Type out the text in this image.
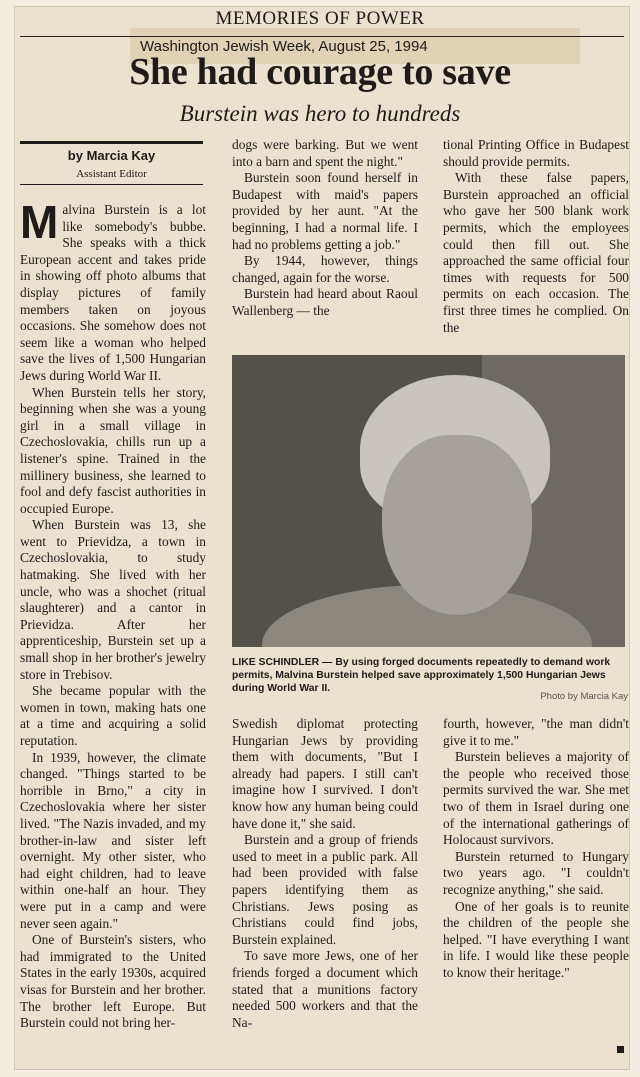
MEMORIES OF POWER
Washington Jewish Week, August 25, 1994
She had courage to save
Burstein was hero to hundreds
by Marcia Kay
Assistant Editor

Malvina Burstein is a lot like somebody's bubbe. She speaks with a thick European accent and takes pride in showing off photo albums that display pictures of family members taken on joyous occasions. She somehow does not seem like a woman who helped save the lives of 1,500 Hungarian Jews during World War II.

When Burstein tells her story, beginning when she was a young girl in a small village in Czechoslovakia, chills run up a listener's spine. Trained in the millinery business, she learned to fool and defy fascist authorities in occupied Europe.

When Burstein was 13, she went to Prievidza, a town in Czechoslovakia, to study hatmaking. She lived with her uncle, who was a shochet (ritual slaughterer) and a cantor in Prievidza. After her apprenticeship, Burstein set up a small shop in her brother's jewelry store in Trebisov.

She became popular with the women in town, making hats one at a time and acquiring a solid reputation.

In 1939, however, the climate changed. "Things started to be horrible in Brno," a city in Czechoslovakia where her sister lived. "The Nazis invaded, and my brother-in-law and sister left overnight. My other sister, who had eight children, had to leave within one-half an hour. They were put in a camp and were never seen again."

One of Burstein's sisters, who had immigrated to the United States in the early 1930s, acquired visas for Burstein and her brother. The brother left Europe. But Burstein could not bring her-

dogs were barking. But we went into a barn and spent the night."

Burstein soon found herself in Budapest with maid's papers provided by her aunt. "At the beginning, I had a normal life. I had no problems getting a job."

By 1944, however, things changed, again for the worse.

Burstein had heard about Raoul Wallenberg — the

tional Printing Office in Budapest should provide permits.

With these false papers, Burstein approached an official who gave her 500 blank work permits, which the employees could then fill out. She approached the same official four times with requests for 500 permits on each occasion. The first three times he complied. On the

LIKE SCHINDLER — By using forged documents repeatedly to demand work permits, Malvina Burstein helped save approximately 1,500 Hungarian Jews during World War II.
Photo by Marcia Kay

Swedish diplomat protecting Hungarian Jews by providing them with documents, "But I already had papers. I still can't imagine how I survived. I don't know how any human being could have done it," she said.

Burstein and a group of friends used to meet in a public park. All had been provided with false papers identifying them as Christians. Jews posing as Christians could find jobs, Burstein explained.

To save more Jews, one of her friends forged a document which stated that a munitions factory needed 500 workers and that the Na-

fourth, however, "the man didn't give it to me."

Burstein believes a majority of the people who received those permits survived the war. She met two of them in Israel during one of the international gatherings of Holocaust survivors.

Burstein returned to Hungary two years ago. "I couldn't recognize anything," she said.

One of her goals is to reunite the children of the people she helped. "I have everything I want in life. I would like these people to know their heritage."
